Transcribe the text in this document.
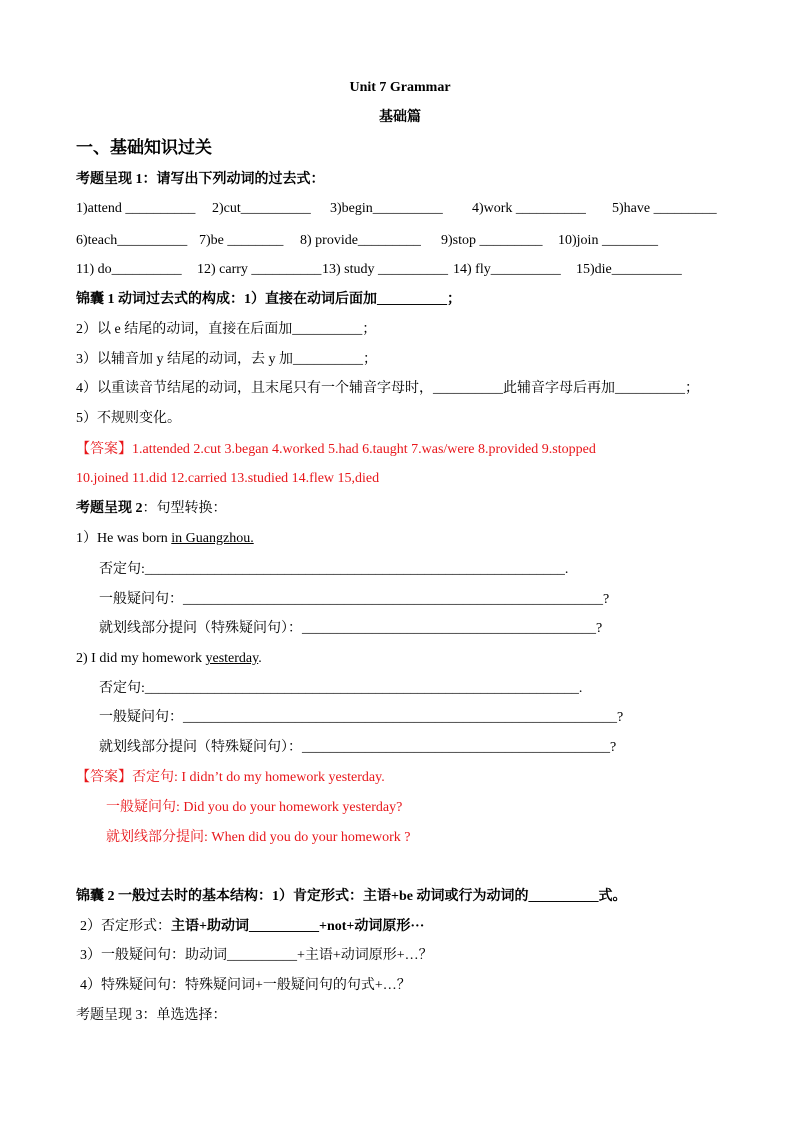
Unit 7 Grammar
基础篇
一、基础知识过关
考题呈现 1：请写出下列动词的过去式：
1)attend __________ 2)cut__________ 3)begin__________ 4)work __________ 5)have _________
6)teach__________ 7)be ________ 8) provide_________ 9)stop _________ 10)join ________
11) do__________ 12) carry __________ 13) study __________ 14) fly__________ 15)die__________
锦囊 1 动词过去式的构成：1）直接在动词后面加__________；
2）以 e 结尾的动词，直接在后面加__________；
3）以辅音加 y 结尾的动词，去 y 加__________；
4）以重读音节结尾的动词，且末尾只有一个辅音字母时，__________此辅音字母后再加__________；
5）不规则变化。
【答案】1.attended 2.cut 3.began 4.worked 5.had 6.taught 7.was/were 8.provided 9.stopped
10.joined 11.did 12.carried 13.studied 14.flew 15,died
考题呈现 2：句型转换：
1）He was born in Guangzhou.
否定句:____________________________________________________________.
一般疑问句：____________________________________________________________?
就划线部分提问（特殊疑问句）：__________________________________________?
2) I did my homework yesterday.
否定句:______________________________________________________________.
一般疑问句：______________________________________________________________?
就划线部分提问（特殊疑问句）：____________________________________________?
【答案】否定句: I didn’t do my homework yesterday.
一般疑问句: Did you do your homework yesterday?
就划线部分提问: When did you do your homework ?
锦囊 2 一般过去时的基本结构：1）肯定形式：主语+be 动词或行为动词的__________式。
2）否定形式：主语+助动词__________+not+动词原形···
3）一般疑问句：助动词__________+主语+动词原形+…？
4）特殊疑问句：特殊疑问词+一般疑问句的句式+…？
考题呈现 3：单选选择：
